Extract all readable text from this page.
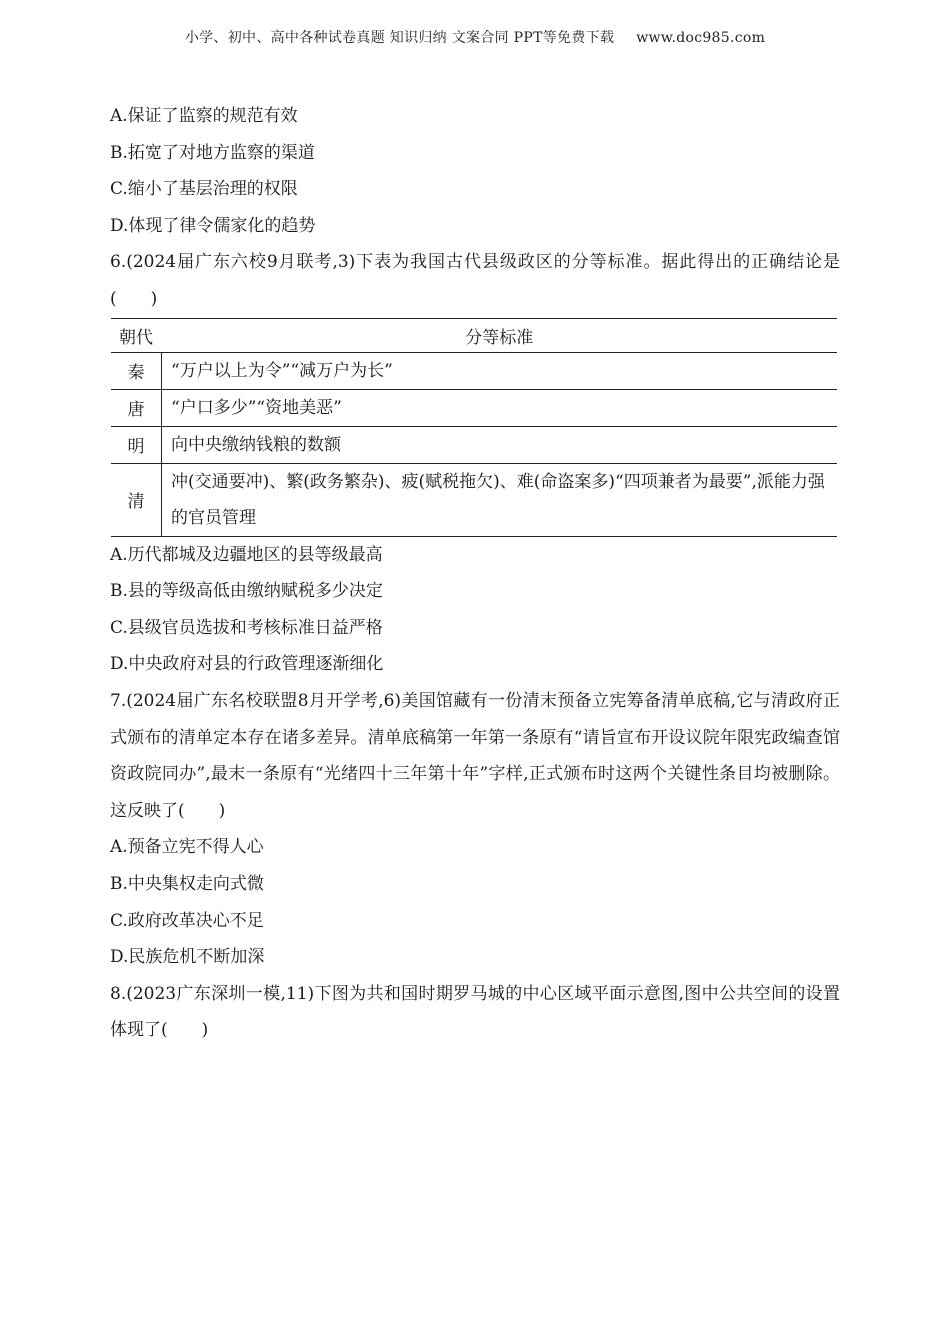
小学、初中、高中各种试卷真题 知识归纳 文案合同 PPT等免费下载 www.doc985.com
A.保证了监察的规范有效
B.拓宽了对地方监察的渠道
C.缩小了基层治理的权限
D.体现了律令儒家化的趋势
6.(2024届广东六校9月联考,3)下表为我国古代县级政区的分等标准。据此得出的正确结论是(　　)
朝代	分等标准
秦	“万户以上为令”“减万户为长”
唐	“户口多少”“资地美恶”
明	向中央缴纳钱粮的数额
清	冲(交通要冲)、繁(政务繁杂)、疲(赋税拖欠)、难(命盗案多)“四项兼者为最要”,派能力强的官员管理
A.历代都城及边疆地区的县等级最高
B.县的等级高低由缴纳赋税多少决定
C.县级官员选拔和考核标准日益严格
D.中央政府对县的行政管理逐渐细化
7.(2024届广东名校联盟8月开学考,6)美国馆藏有一份清末预备立宪筹备清单底稿,它与清政府正式颁布的清单定本存在诸多差异。清单底稿第一年第一条原有“请旨宣布开设议院年限宪政编查馆资政院同办”,最末一条原有“光绪四十三年第十年”字样,正式颁布时这两个关键性条目均被删除。这反映了(　　)
A.预备立宪不得人心
B.中央集权走向式微
C.政府改革决心不足
D.民族危机不断加深
8.(2023广东深圳一模,11)下图为共和国时期罗马城的中心区域平面示意图,图中公共空间的设置体现了(　　)
